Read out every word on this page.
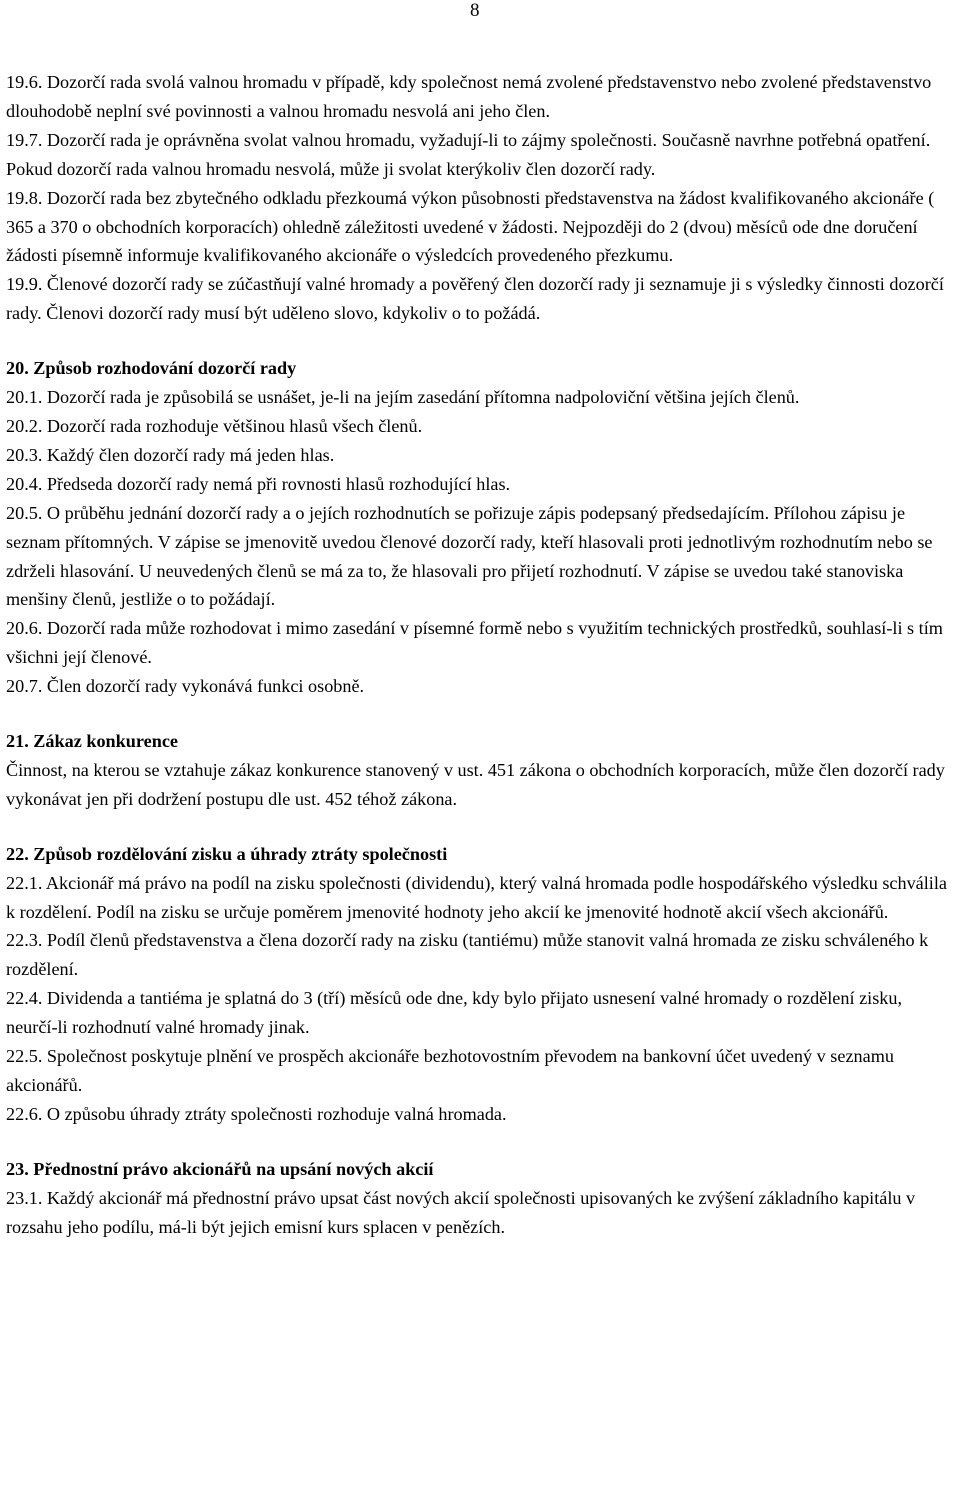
8

19.6. Dozorčí rada svolá valnou hromadu v případě, kdy společnost nemá zvolené představenstvo nebo zvolené představenstvo dlouhodobě neplní své povinnosti a valnou hromadu nesvolá ani jeho člen.

19.7. Dozorčí rada je oprávněna svolat valnou hromadu, vyžadují-li to zájmy společnosti. Současně navrhne potřebná opatření. Pokud dozorčí rada valnou hromadu nesvolá, může ji svolat kterýkoliv člen dozorčí rady.

19.8. Dozorčí rada bez zbytečného odkladu přezkoumá výkon působnosti představenstva na žádost kvalifikovaného akcionáře ( 365 a 370 o obchodních korporacích) ohledně záležitosti uvedené v žádosti. Nejpozději do 2 (dvou) měsíců ode dne doručení žádosti písemně informuje kvalifikovaného akcionáře o výsledcích provedeného přezkumu.

19.9. Členové dozorčí rady se zúčastňují valné hromady a pověřený člen dozorčí rady ji seznamuje ji s výsledky činnosti dozorčí rady. Členovi dozorčí rady musí být uděleno slovo, kdykoliv o to požádá.

20. Způsob rozhodování dozorčí rady

20.1. Dozorčí rada je způsobilá se usnášet, je-li na jejím zasedání přítomna nadpoloviční většina jejích členů.

20.2. Dozorčí rada rozhoduje většinou hlasů všech členů.

20.3. Každý člen dozorčí rady má jeden hlas.

20.4. Předseda dozorčí rady nemá při rovnosti hlasů rozhodující hlas.

20.5. O průběhu jednání dozorčí rady a o jejích rozhodnutích se pořizuje zápis podepsaný předsedajícím. Přílohou zápisu je seznam přítomných. V zápise se jmenovitě uvedou členové dozorčí rady, kteří hlasovali proti jednotlivým rozhodnutím nebo se zdrželi hlasování. U neuvedených členů se má za to, že hlasovali pro přijetí rozhodnutí. V zápise se uvedou také stanoviska menšiny členů, jestliže o to požádají.

20.6. Dozorčí rada může rozhodovat i mimo zasedání v písemné formě nebo s využitím technických prostředků, souhlasí-li s tím všichni její členové.

20.7. Člen dozorčí rady vykonává funkci osobně.

21. Zákaz konkurence

Činnost, na kterou se vztahuje zákaz konkurence stanovený v ust. 451 zákona o obchodních korporacích, může člen dozorčí rady vykonávat jen při dodržení postupu dle ust. 452 téhož zákona.

22. Způsob rozdělování zisku a úhrady ztráty společnosti

22.1. Akcionář má právo na podíl na zisku společnosti (dividendu), který valná hromada podle hospodářského výsledku schválila k rozdělení. Podíl na zisku se určuje poměrem jmenovité hodnoty jeho akcií ke jmenovité hodnotě akcií všech akcionářů.

22.3. Podíl členů představenstva a člena dozorčí rady na zisku (tantiému) může stanovit valná hromada ze zisku schváleného k rozdělení.

22.4. Dividenda a tantiéma je splatná do 3 (tří) měsíců ode dne, kdy bylo přijato usnesení valné hromady o rozdělení zisku, neurčí-li rozhodnutí valné hromady jinak.

22.5. Společnost poskytuje plnění ve prospěch akcionáře bezhotovostním převodem na bankovní účet uvedený v seznamu akcionářů.

22.6. O způsobu úhrady ztráty společnosti rozhoduje valná hromada.

23. Přednostní právo akcionářů na upsání nových akcií

23.1. Každý akcionář má přednostní právo upsat část nových akcií společnosti upisovaných ke zvýšení základního kapitálu v rozsahu jeho podílu, má-li být jejich emisní kurs splacen v penězích.
